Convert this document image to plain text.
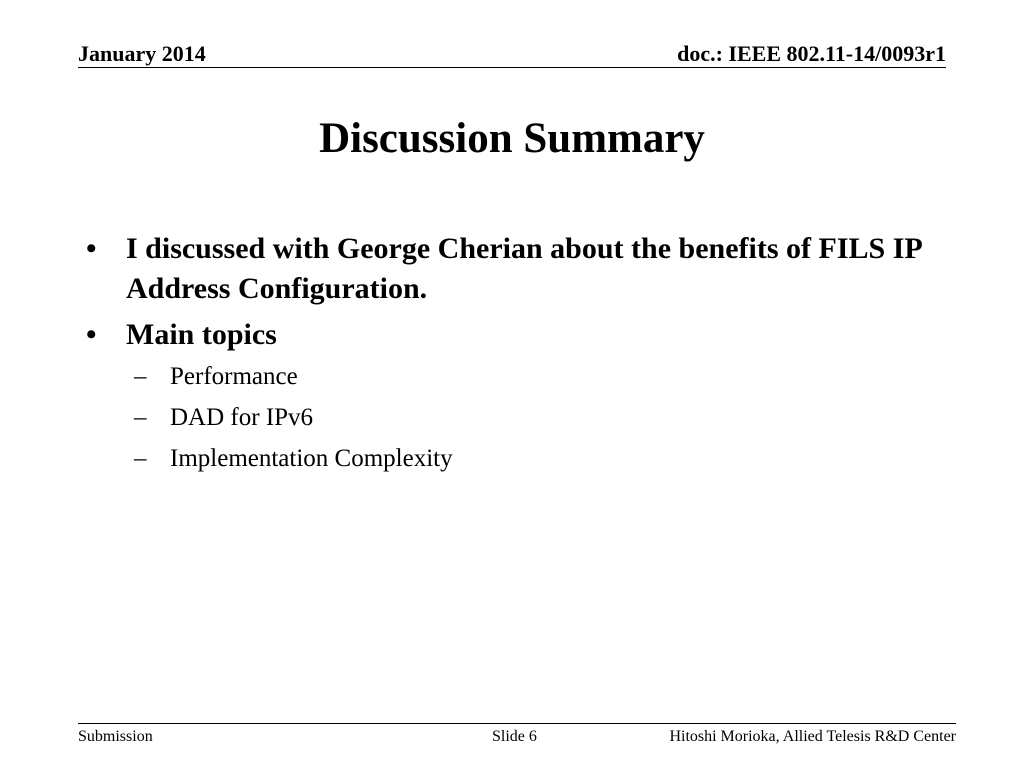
January 2014	doc.: IEEE 802.11-14/0093r1
Discussion Summary
• I discussed with George Cherian about the benefits of FILS IP Address Configuration.
• Main topics
– Performance
– DAD for IPv6
– Implementation Complexity
Submission	Slide 6	Hitoshi Morioka, Allied Telesis R&D Center
